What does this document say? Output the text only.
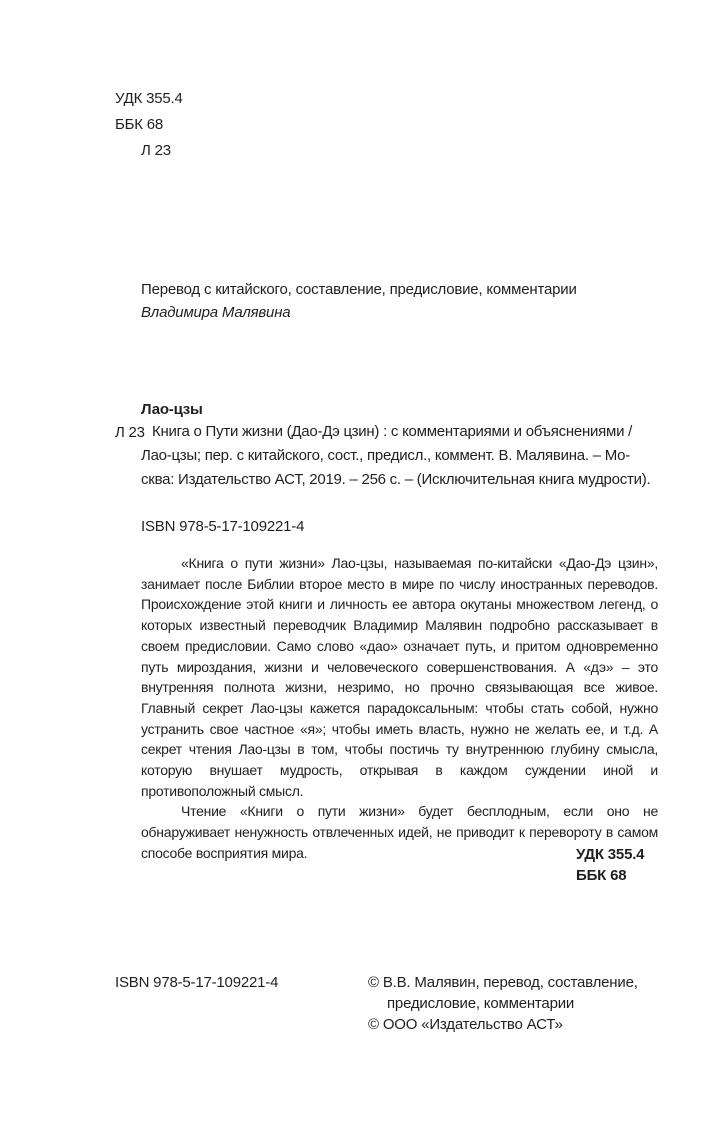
УДК 355.4
ББК 68
Л 23
Перевод с китайского, составление, предисловие, комментарии
Владимира Малявина
Лао-цзы
Л 23 Книга о Пути жизни (Дао-Дэ цзин) : с комментариями и объяснениями /
Лао-цзы; пер. с китайского, сост., предисл., коммент. В. Малявина. – Мо-
сква: Издательство АСТ, 2019. – 256 с. – (Исключительная книга мудрости).
ISBN 978-5-17-109221-4

«Книга о пути жизни» Лао-цзы, называемая по-китайски «Дао-Дэ цзин», занимает после Библии второе место в мире по числу иностранных переводов. Происхождение этой книги и личность ее автора окутаны множеством легенд, о которых известный переводчик Владимир Малявин подробно рассказывает в своем предисловии. Само слово «дао» означает путь, и притом одновременно путь мироздания, жизни и человеческого совершенствования. А «дэ» – это внутренняя полнота жизни, незримо, но прочно связывающая все живое. Главный секрет Лао-цзы кажется парадоксальным: чтобы стать собой, нужно устранить свое частное «я»; чтобы иметь власть, нужно не желать ее, и т.д. А секрет чтения Лао-цзы в том, чтобы постичь ту внутреннюю глубину смысла, которую внушает мудрость, открывая в каждом суждении иной и противоположный смысл.

Чтение «Книги о пути жизни» будет бесплодным, если оно не обнаруживает ненужность отвлеченных идей, не приводит к перевороту в самом способе восприятия мира.	УДК 355.4
ББК 68
ISBN 978-5-17-109221-4	© В.В. Малявин, перевод, составление,
предисловие, комментарии
© ООО «Издательство АСТ»
